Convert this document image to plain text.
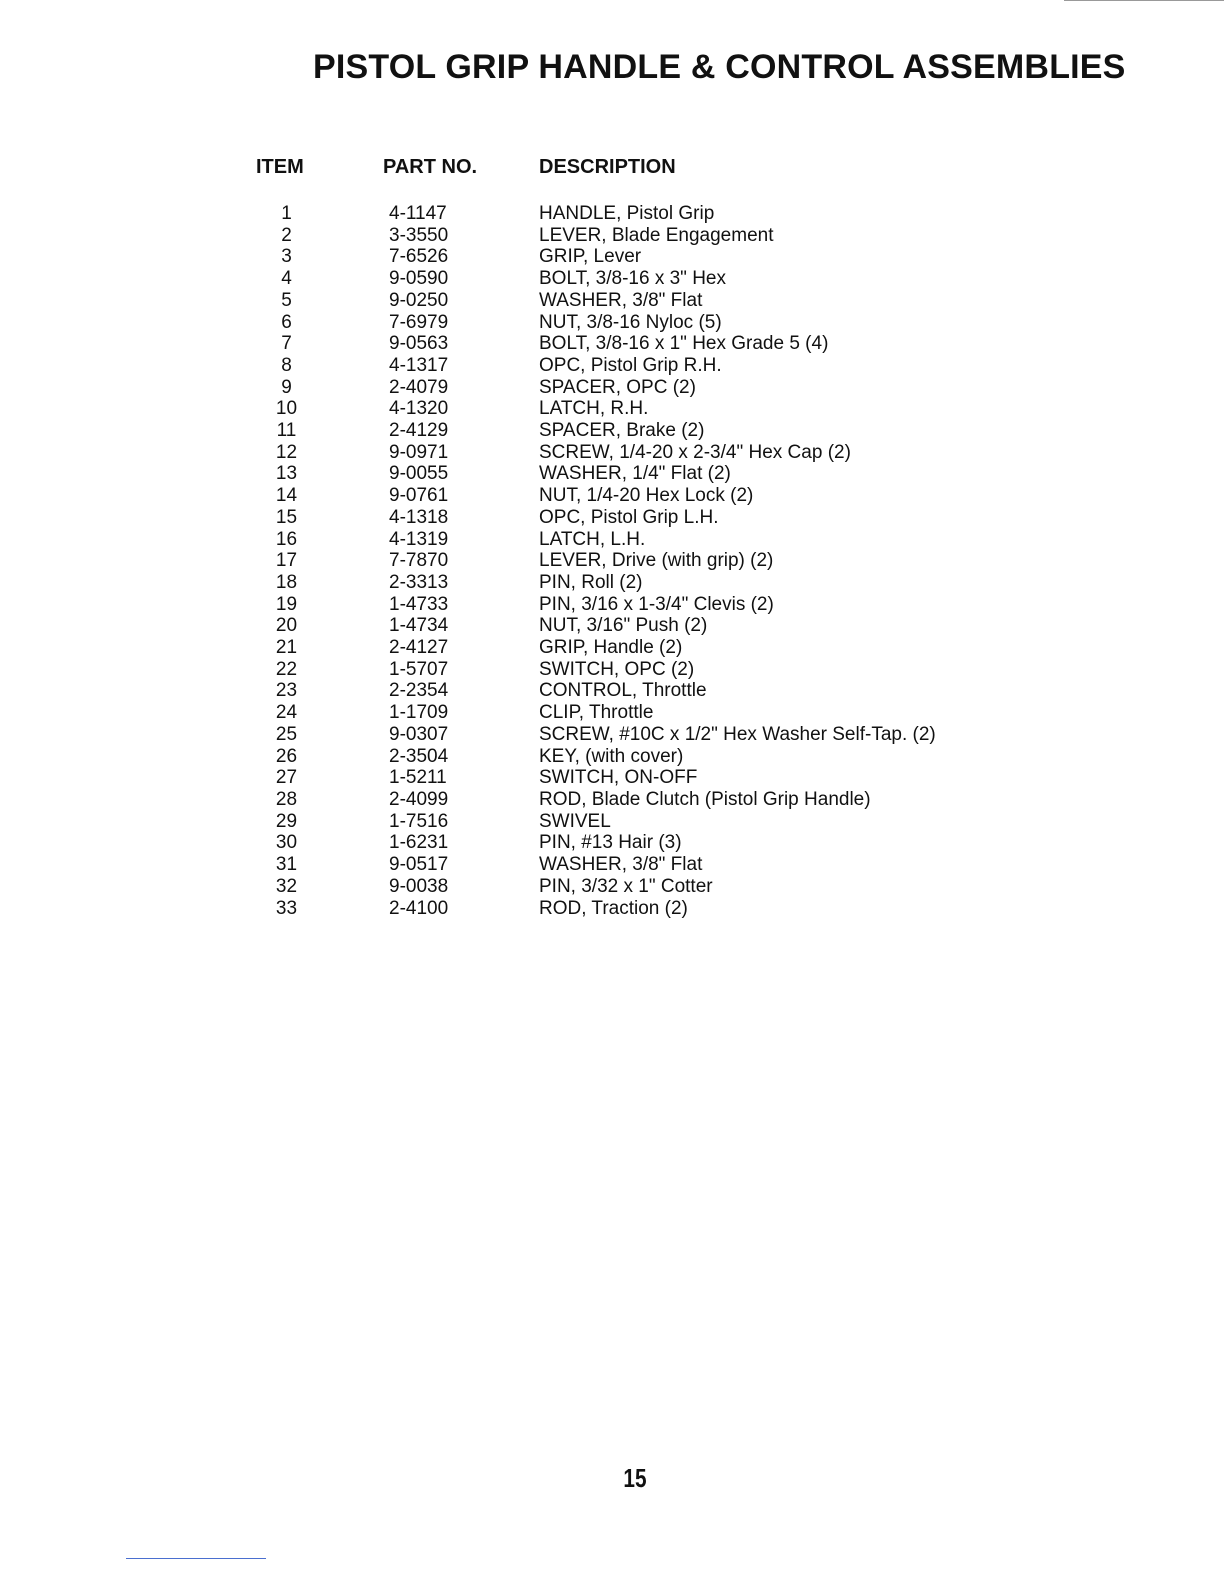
PISTOL GRIP HANDLE & CONTROL ASSEMBLIES
ITEM	PART NO.	DESCRIPTION

1	4-1147	HANDLE, Pistol Grip
2	3-3550	LEVER, Blade Engagement
3	7-6526	GRIP, Lever
4	9-0590	BOLT, 3/8-16 x 3" Hex
5	9-0250	WASHER, 3/8" Flat
6	7-6979	NUT, 3/8-16 Nyloc (5)
7	9-0563	BOLT, 3/8-16 x 1" Hex Grade 5 (4)
8	4-1317	OPC, Pistol Grip R.H.
9	2-4079	SPACER, OPC (2)
10	4-1320	LATCH, R.H.
11	2-4129	SPACER, Brake (2)
12	9-0971	SCREW, 1/4-20 x 2-3/4" Hex Cap (2)
13	9-0055	WASHER, 1/4" Flat (2)
14	9-0761	NUT, 1/4-20 Hex Lock (2)
15	4-1318	OPC, Pistol Grip L.H.
16	4-1319	LATCH, L.H.
17	7-7870	LEVER, Drive (with grip) (2)
18	2-3313	PIN, Roll (2)
19	1-4733	PIN, 3/16 x 1-3/4" Clevis (2)
20	1-4734	NUT, 3/16" Push (2)
21	2-4127	GRIP, Handle (2)
22	1-5707	SWITCH, OPC (2)
23	2-2354	CONTROL, Throttle
24	1-1709	CLIP, Throttle
25	9-0307	SCREW, #10C x 1/2" Hex Washer Self-Tap. (2)
26	2-3504	KEY, (with cover)
27	1-5211	SWITCH, ON-OFF
28	2-4099	ROD, Blade Clutch (Pistol Grip Handle)
29	1-7516	SWIVEL
30	1-6231	PIN, #13 Hair (3)
31	9-0517	WASHER, 3/8" Flat
32	9-0038	PIN, 3/32 x 1" Cotter
33	2-4100	ROD, Traction (2)
15
